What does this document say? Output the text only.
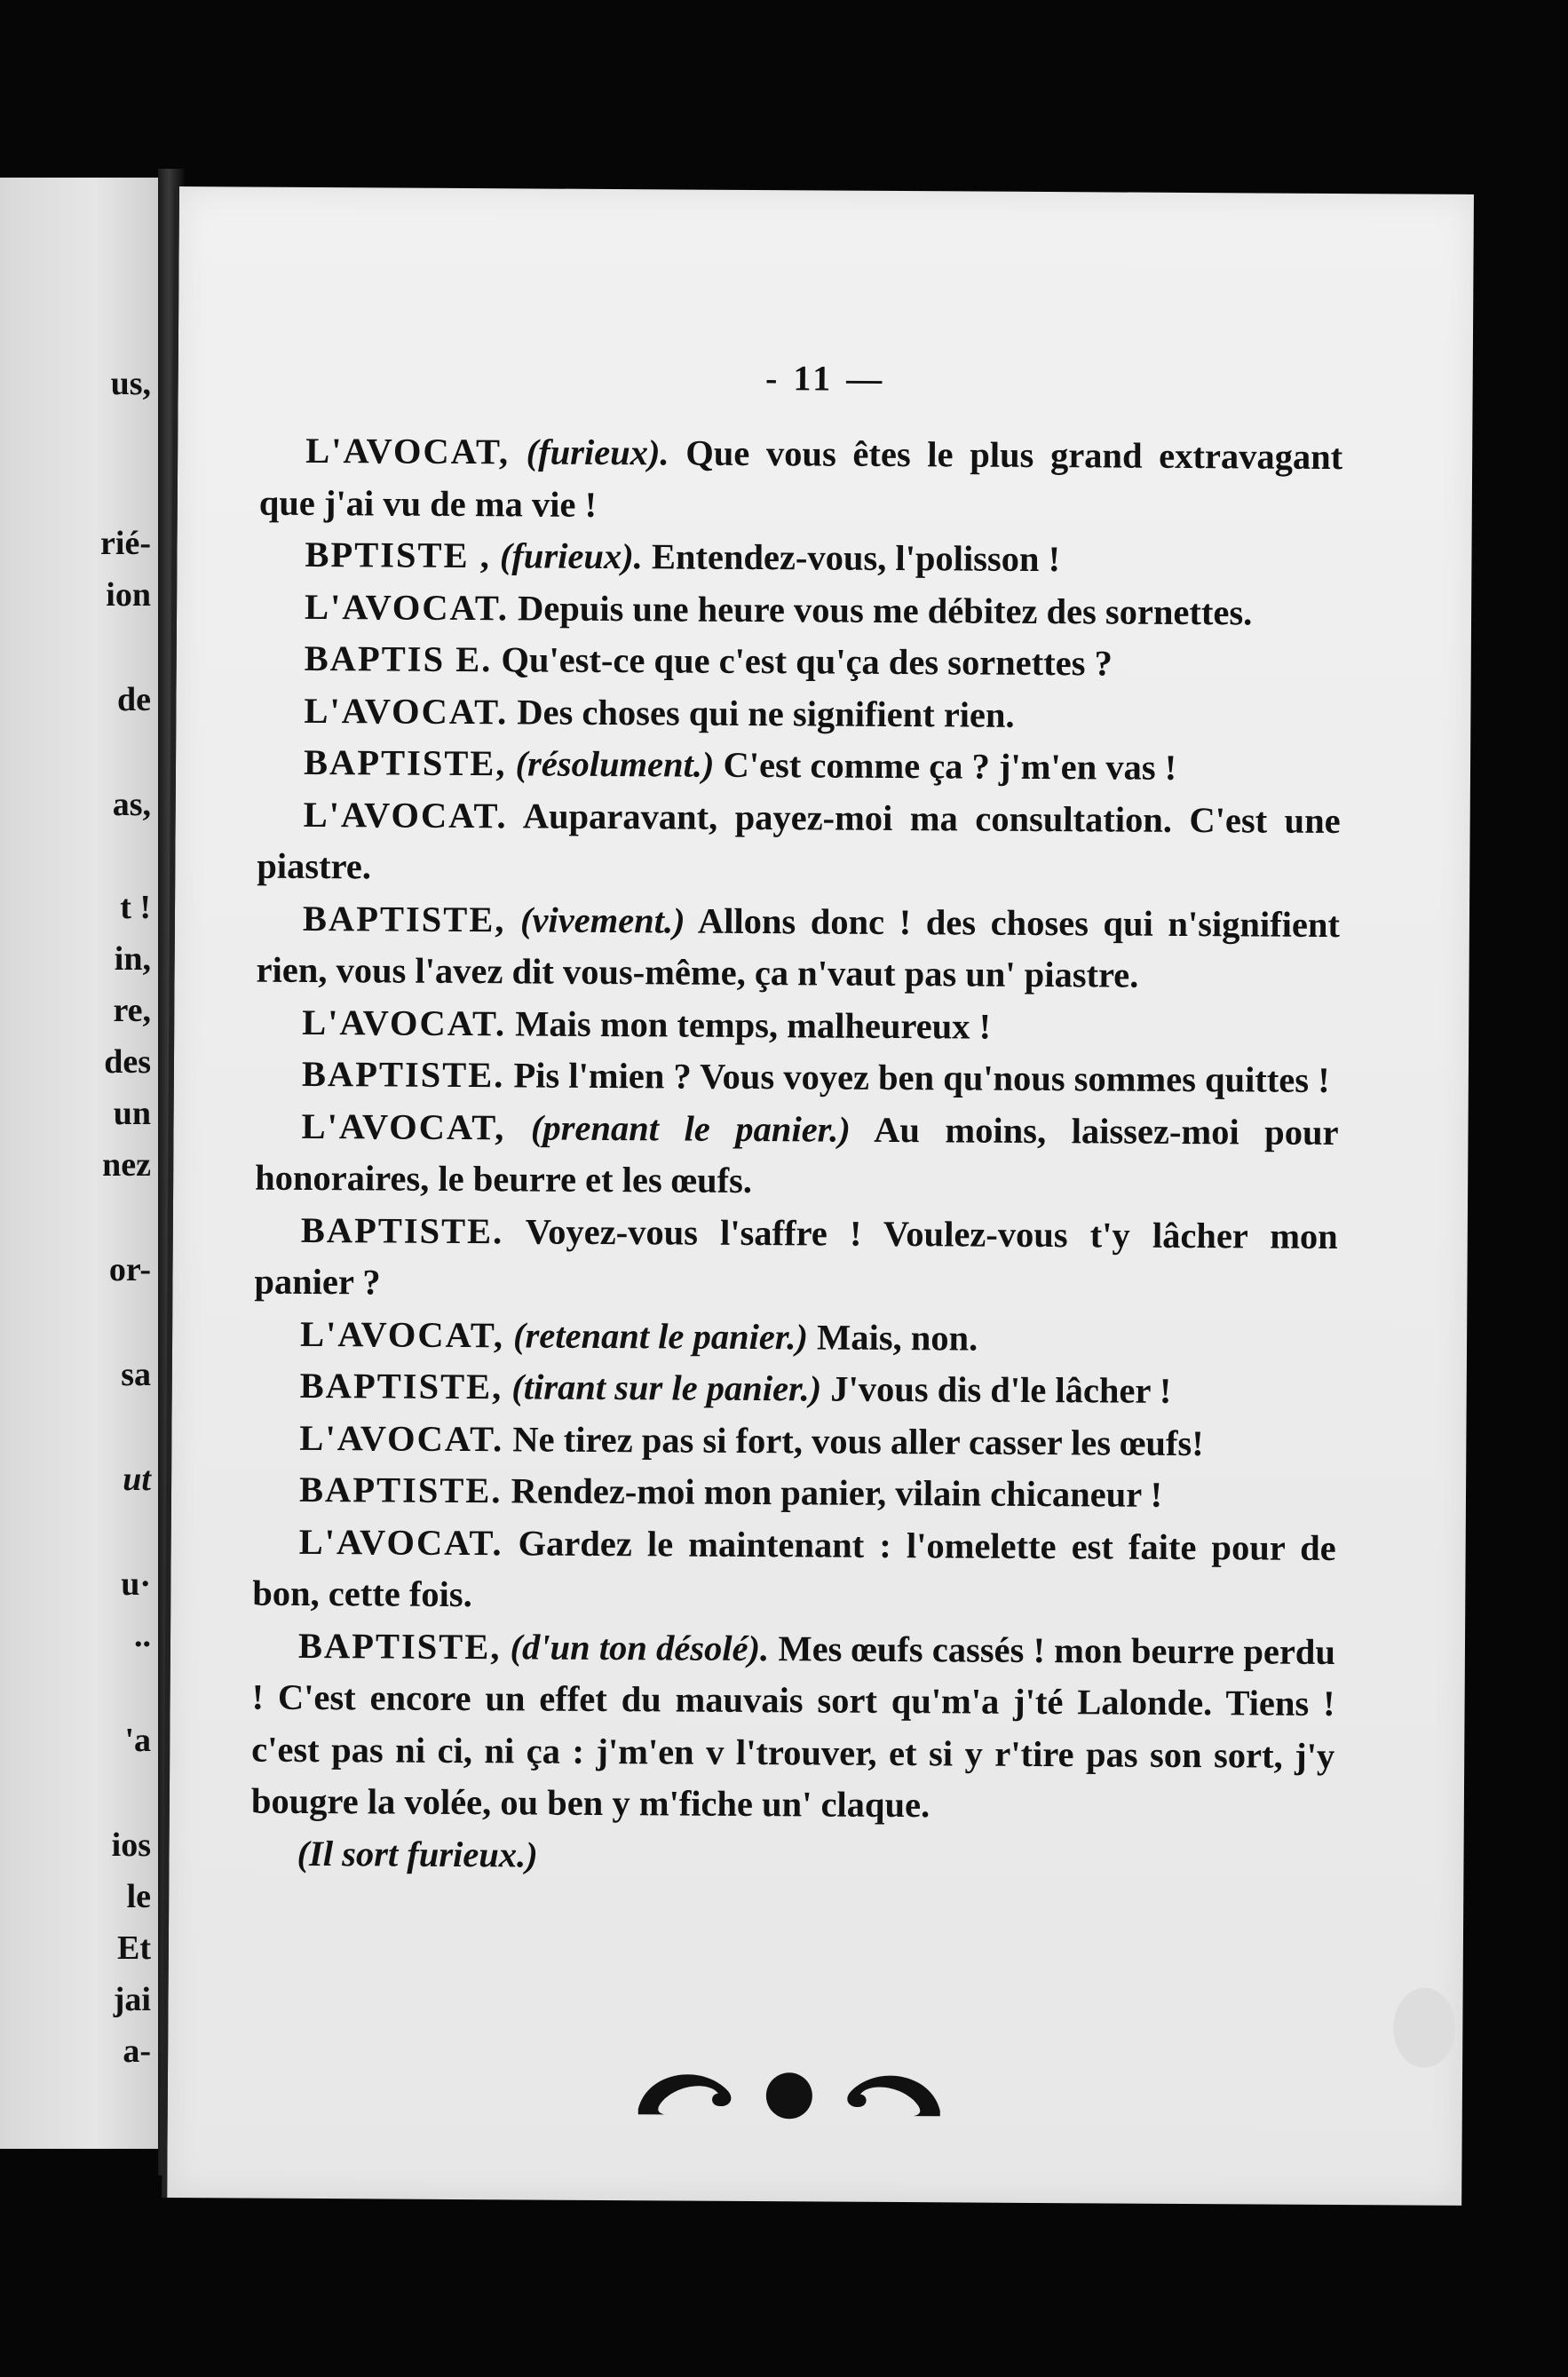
us,
rié-
ion
de
as,
t !
in,
re,
des
un
nez
or-
sa
ut
u·
..
'a
ios
le
Et
jai
a-
- 11 —

L'AVOCAT, (furieux). Que vous êtes le plus grand extravagant que j'ai vu de ma vie !

BPTISTE , (furieux). Entendez-vous, l'polisson !

L'AVOCAT. Depuis une heure vous me débitez des sornettes.

BAPTIS E. Qu'est-ce que c'est qu'ça des sornettes ?

L'AVOCAT. Des choses qui ne signifient rien.

BAPTISTE, (résolument.) C'est comme ça ? j'm'en vas !

L'AVOCAT. Auparavant, payez-moi ma consultation. C'est une piastre.

BAPTISTE, (vivement.) Allons donc ! des choses qui n'signifient rien, vous l'avez dit vous-même, ça n'vaut pas un' piastre.

L'AVOCAT. Mais mon temps, malheureux !

BAPTISTE. Pis l'mien ? Vous voyez ben qu'nous sommes quittes !

L'AVOCAT, (prenant le panier.) Au moins, laissez-moi pour honoraires, le beurre et les œufs.

BAPTISTE. Voyez-vous l'saffre ! Voulez-vous t'y lâcher mon panier ?

L'AVOCAT, (retenant le panier.) Mais, non.

BAPTISTE, (tirant sur le panier.) J'vous dis d'le lâcher !

L'AVOCAT. Ne tirez pas si fort, vous aller casser les œufs!

BAPTISTE. Rendez-moi mon panier, vilain chicaneur !

L'AVOCAT. Gardez le maintenant : l'omelette est faite pour de bon, cette fois.

BAPTISTE, (d'un ton désolé). Mes œufs cassés ! mon beurre perdu ! C'est encore un effet du mauvais sort qu'm'a j'té Lalonde. Tiens ! c'est pas ni ci, ni ça : j'm'en v l'trouver, et si y r'tire pas son sort, j'y bougre la volée, ou ben y m'fiche un' claque.

(Il sort furieux.)
